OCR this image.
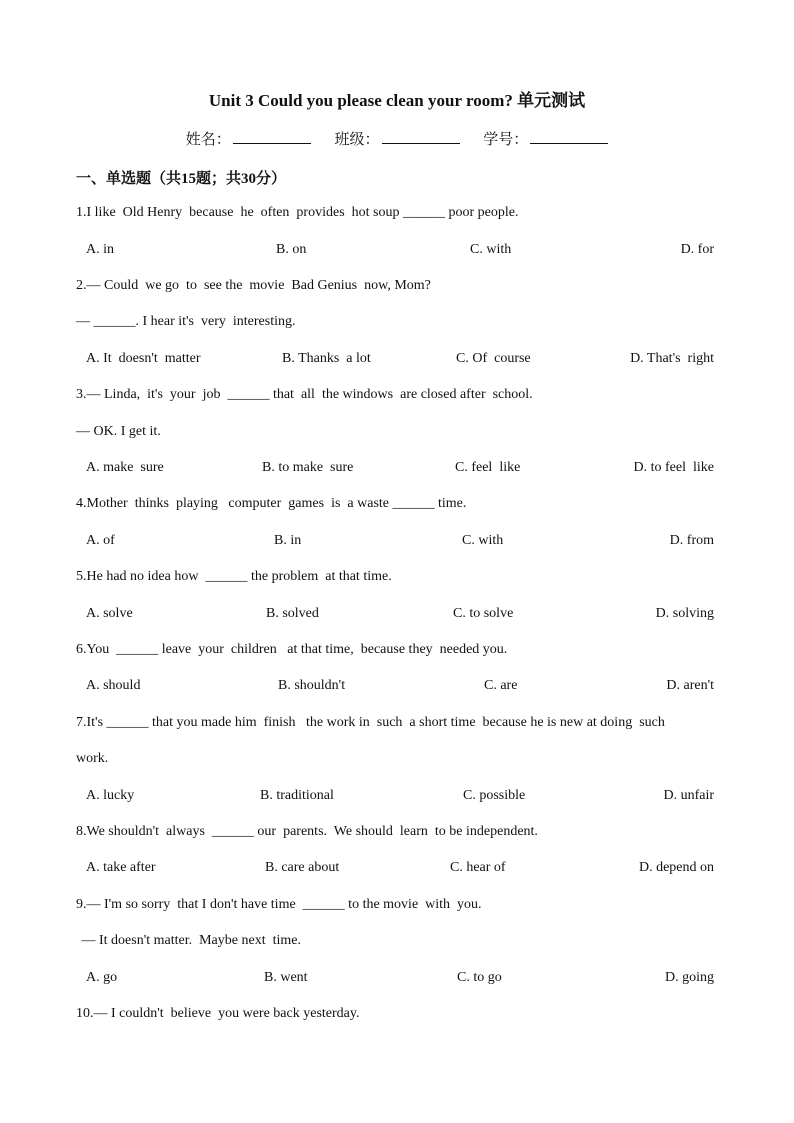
Unit 3 Could you please clean your room? 单元测试
姓名：	班级：	学号：
一、单选题（共15题；共30分）
1.I like  Old Henry  because  he  often  provides  hot soup ______ poor people.
A. in	B. on	C. with	D. for
2.— Could  we go  to  see the  movie  Bad Genius  now, Mom?
— ______. I hear it's  very  interesting.
A. It  doesn't  matter	B. Thanks  a lot	C. Of  course	D. That's  right
3.— Linda,  it's  your  job  ______ that  all  the windows  are closed after  school.
— OK. I get it.
A. make  sure	B. to make  sure	C. feel  like	D. to feel  like
4.Mother  thinks  playing   computer  games  is  a waste ______ time.
A. of	B. in	C. with	D. from
5.He had no idea how  ______ the problem  at that time.
A. solve	B. solved	C. to solve	D. solving
6.You  ______ leave  your  children   at that time,  because they  needed you.
A. should	B. shouldn't	C. are	D. aren't
7.It's ______ that you made him  finish   the work in  such  a short time  because he is new at doing  such
work.
A. lucky	B. traditional	C. possible	D. unfair
8.We shouldn't  always  ______ our  parents.  We should  learn  to be independent.
A. take after	B. care about	C. hear of	D. depend on
9.— I'm so sorry  that I don't have time  ______ to the movie  with  you.
— It doesn't matter.  Maybe next  time.
A. go	B. went	C. to go	D. going
10.— I couldn't  believe  you were back yesterday.
